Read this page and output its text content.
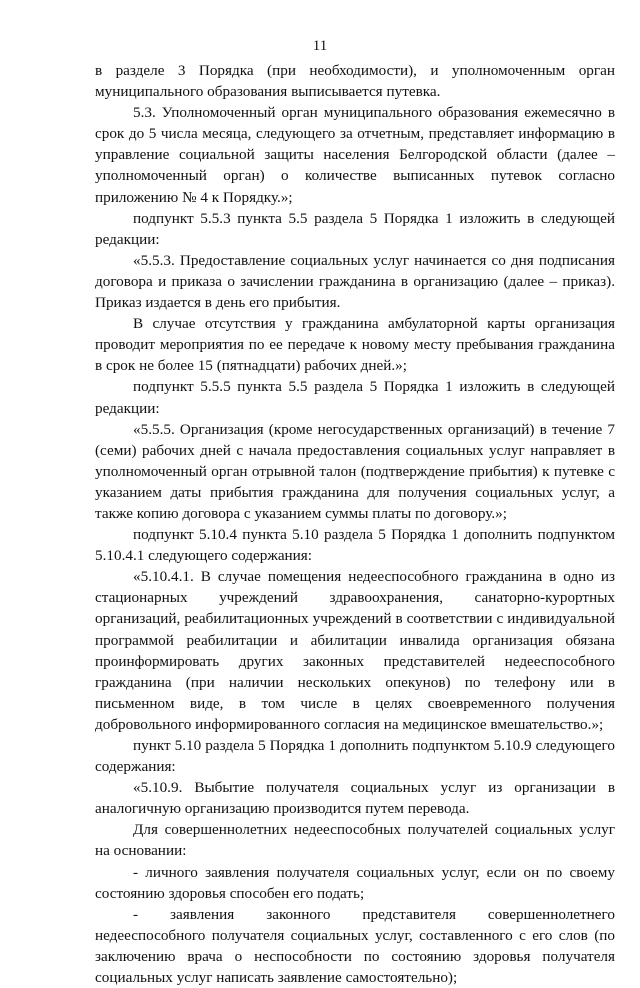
11

в разделе 3 Порядка (при необходимости), и уполномоченным орган муниципального образования выписывается путевка.

5.3. Уполномоченный орган муниципального образования ежемесячно в срок до 5 числа месяца, следующего за отчетным, представляет информацию в управление социальной защиты населения Белгородской области (далее – уполномоченный орган) о количестве выписанных путевок согласно приложению № 4 к Порядку.»;

подпункт 5.5.3 пункта 5.5 раздела 5 Порядка 1 изложить в следующей редакции:

«5.5.3. Предоставление социальных услуг начинается со дня подписания договора и приказа о зачислении гражданина в организацию (далее – приказ). Приказ издается в день его прибытия.

В случае отсутствия у гражданина амбулаторной карты организация проводит мероприятия по ее передаче к новому месту пребывания гражданина в срок не более 15 (пятнадцати) рабочих дней.»;

подпункт 5.5.5 пункта 5.5 раздела 5 Порядка 1 изложить в следующей редакции:

«5.5.5. Организация (кроме негосударственных организаций) в течение 7 (семи) рабочих дней с начала предоставления социальных услуг направляет в уполномоченный орган отрывной талон (подтверждение прибытия) к путевке с указанием даты прибытия гражданина для получения социальных услуг, а также копию договора с указанием суммы платы по договору.»;

подпункт 5.10.4 пункта 5.10 раздела 5 Порядка 1 дополнить подпунктом 5.10.4.1 следующего содержания:

«5.10.4.1. В случае помещения недееспособного гражданина в одно из стационарных учреждений здравоохранения, санаторно-курортных организаций, реабилитационных учреждений в соответствии с индивидуальной программой реабилитации и абилитации инвалида организация обязана проинформировать других законных представителей недееспособного гражданина (при наличии нескольких опекунов) по телефону или в письменном виде, в том числе в целях своевременного получения добровольного информированного согласия на медицинское вмешательство.»;

пункт 5.10 раздела 5 Порядка 1 дополнить подпунктом 5.10.9 следующего содержания:

«5.10.9. Выбытие получателя социальных услуг из организации в аналогичную организацию производится путем перевода.

Для совершеннолетних недееспособных получателей социальных услуг на основании:

- личного заявления получателя социальных услуг, если он по своему состоянию здоровья способен его подать;

- заявления законного представителя совершеннолетнего недееспособного получателя социальных услуг, составленного с его слов (по заключению врача о неспособности по состоянию здоровья получателя социальных услуг написать заявление самостоятельно);
